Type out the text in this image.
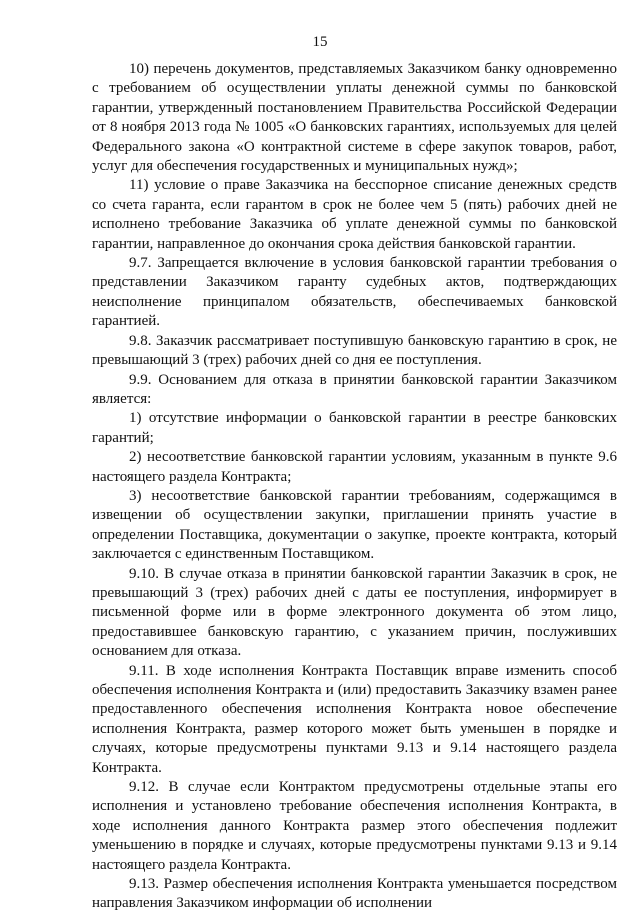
15

10) перечень документов, представляемых Заказчиком банку одновременно с требованием об осуществлении уплаты денежной суммы по банковской гарантии, утвержденный постановлением Правительства Российской Федерации от 8 ноября 2013 года № 1005 «О банковских гарантиях, используемых для целей Федерального закона «О контрактной системе в сфере закупок товаров, работ, услуг для обеспечения государственных и муниципальных нужд»;

11) условие о праве Заказчика на бесспорное списание денежных средств со счета гаранта, если гарантом в срок не более чем 5 (пять) рабочих дней не исполнено требование Заказчика об уплате денежной суммы по банковской гарантии, направленное до окончания срока действия банковской гарантии.

9.7. Запрещается включение в условия банковской гарантии требования о представлении Заказчиком гаранту судебных актов, подтверждающих неисполнение принципалом обязательств, обеспечиваемых банковской гарантией.

9.8. Заказчик рассматривает поступившую банковскую гарантию в срок, не превышающий 3 (трех) рабочих дней со дня ее поступления.

9.9. Основанием для отказа в принятии банковской гарантии Заказчиком является:

1) отсутствие информации о банковской гарантии в реестре банковских гарантий;

2) несоответствие банковской гарантии условиям, указанным в пункте 9.6 настоящего раздела Контракта;

3) несоответствие банковской гарантии требованиям, содержащимся в извещении об осуществлении закупки, приглашении принять участие в определении Поставщика, документации о закупке, проекте контракта, который заключается с единственным Поставщиком.

9.10. В случае отказа в принятии банковской гарантии Заказчик в срок, не превышающий 3 (трех) рабочих дней с даты ее поступления, информирует в письменной форме или в форме электронного документа об этом лицо, предоставившее банковскую гарантию, с указанием причин, послуживших основанием для отказа.

9.11. В ходе исполнения Контракта Поставщик вправе изменить способ обеспечения исполнения Контракта и (или) предоставить Заказчику взамен ранее предоставленного обеспечения исполнения Контракта новое обеспечение исполнения Контракта, размер которого может быть уменьшен в порядке и случаях, которые предусмотрены пунктами 9.13 и 9.14 настоящего раздела Контракта.

9.12. В случае если Контрактом предусмотрены отдельные этапы его исполнения и установлено требование обеспечения исполнения Контракта, в ходе исполнения данного Контракта размер этого обеспечения подлежит уменьшению в порядке и случаях, которые предусмотрены пунктами 9.13 и 9.14 настоящего раздела Контракта.

9.13. Размер обеспечения исполнения Контракта уменьшается посредством направления Заказчиком информации об исполнении
